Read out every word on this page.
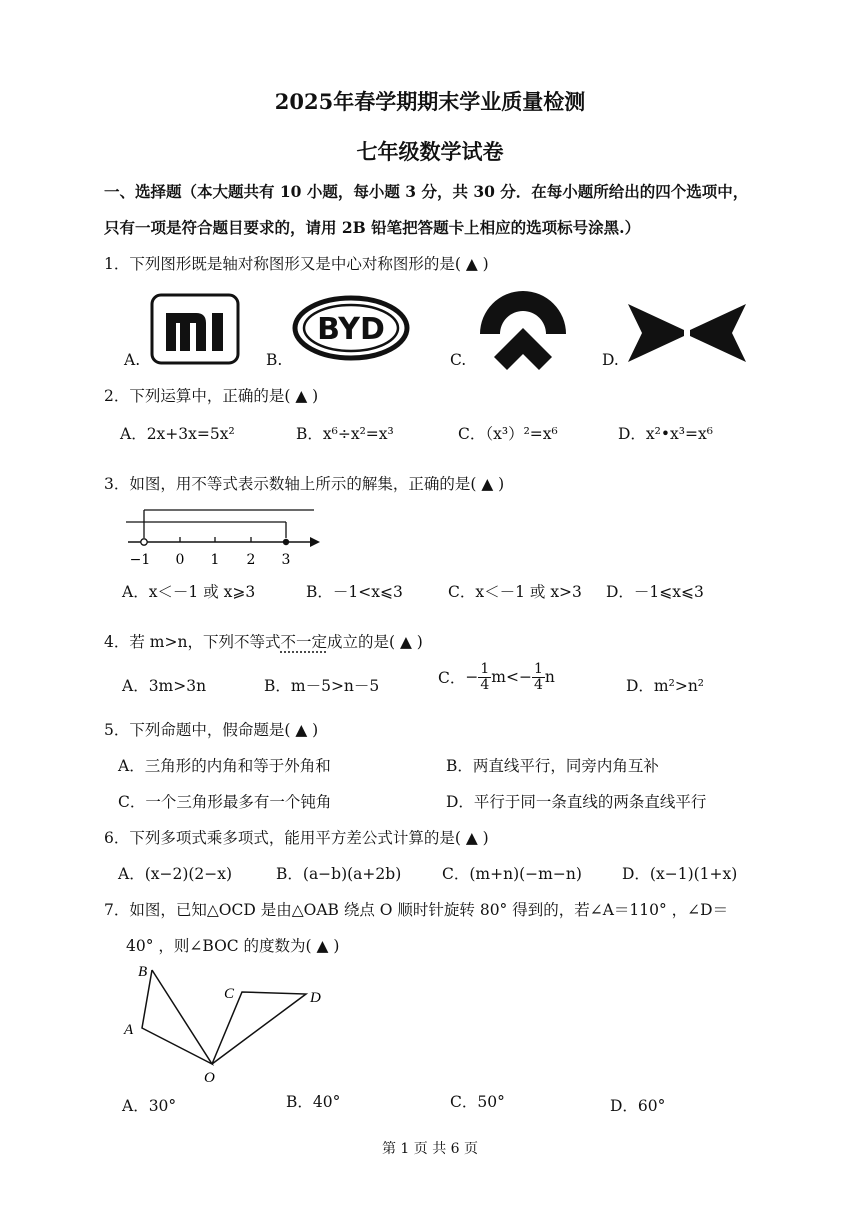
2025年春学期期末学业质量检测
七年级数学试卷
一、选择题（本大题共有 10 小题，每小题 3 分，共 30 分．在每小题所给出的四个选项中，
只有一项是符合题目要求的，请用 2B 铅笔把答题卡上相应的选项标号涂黑.）
1．下列图形既是轴对称图形又是中心对称图形的是( ▲ )
A.
BYD
B.	C.	D.
2．下列运算中，正确的是( ▲ )
A．2x+3x=5x²	B．x⁶÷x²=x³	C．（x³）²=x⁶	D．x²•x³=x⁶
3．如图，用不等式表示数轴上所示的解集，正确的是( ▲ )
−1 0 1 2 3
A．x＜－1 或 x⩾3	B．－1<x⩽3	C．x＜－1 或 x>3 D．－1⩽x⩽3
4．若 m>n，下列不等式不一定成立的是( ▲ )
A．3m>3n	B．m－5>n－5	C．− $\frac{1}{4} m<- \frac{1}{4}$ n	D．m²>n²
5．下列命题中，假命题是( ▲ )
A．三角形的内角和等于外角和	B．两直线平行，同旁内角互补
C．一个三角形最多有一个钝角	D．平行于同一条直线的两条直线平行
6．下列多项式乘多项式，能用平方差公式计算的是( ▲ )
A．(x−2)(2−x)	B．(a−b)(a+2b)	C．(m+n)(−m−n)	D．(x−1)(1+x)
7．如图，已知△OCD 是由△OAB 绕点 O 顺时针旋转 80° 得到的，若∠A＝110° ，∠D＝
40° ，则∠BOC 的度数为( ▲ )
B
A
C	D
O
A．30°	B．40°	C．50°	D．60°
第 1 页 共 6 页
